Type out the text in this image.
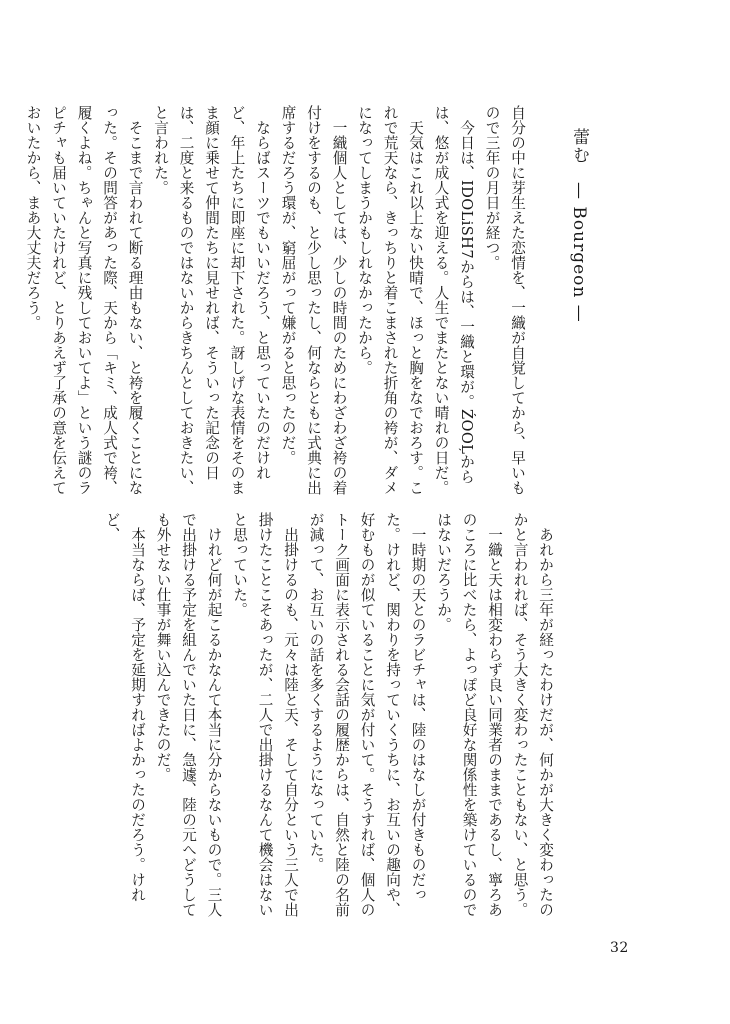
蕾む　— Bourgeon —

自分の中に芽生えた恋情を、一織が自覚してから、早いもので三年の月日が経つ。

今日は、IDOLiSH7からは、一織と環が。ŹOOĻからは、悠が成人式を迎える。人生でまたとない晴れの日だ。

天気はこれ以上ない快晴で、ほっと胸をなでおろす。これで荒天なら、きっちりと着こまされた折角の袴が、ダメになってしまうかもしれなかったから。

一織個人としては、少しの時間のためにわざわざ袴の着付けをするのも、と少し思ったし、何ならともに式典に出席するだろう環が、窮屈がって嫌がると思ったのだ。

ならばスーツでもいいだろう、と思っていたのだけれど、年上たちに即座に却下された。訝しげな表情をそのまま顔に乗せて仲間たちに見せれば、そういった記念の日は、二度と来るものではないからきちんとしておきたい、と言われた。

そこまで言われて断る理由もない、と袴を履くことになった。その問答があった際、天から「キミ、成人式で袴、履くよね。ちゃんと写真に残しておいてよ」という謎のラピチャも届いていたけれど、とりあえず了承の意を伝えておいたから、まあ大丈夫だろう。

あれから三年が経ったわけだが、何かが大きく変わったのかと言われれば、そう大きく変わったこともない、と思う。

一織と天は相変わらず良い同業者のままであるし、寧ろあのころに比べたら、よっぽど良好な関係性を築けているのではないだろうか。

一時期の天とのラビチャは、陸のはなしが付きものだった。けれど、関わりを持っていくうちに、お互いの趣向や、好むものが似ていることに気が付いて。そうすれば、個人のトーク画面に表示される会話の履歴からは、自然と陸の名前が減って、お互いの話を多くするようになっていた。

出掛けるのも、元々は陸と天、そして自分という三人で出掛けたことこそあったが、二人で出掛けるなんて機会はないと思っていた。

けれど何が起こるかなんて本当に分からないもので。三人で出掛ける予定を組んでいた日に、急遽、陸の元へどうしても外せない仕事が舞い込んできたのだ。

本当ならば、予定を延期すればよかったのだろう。けれど、

32
